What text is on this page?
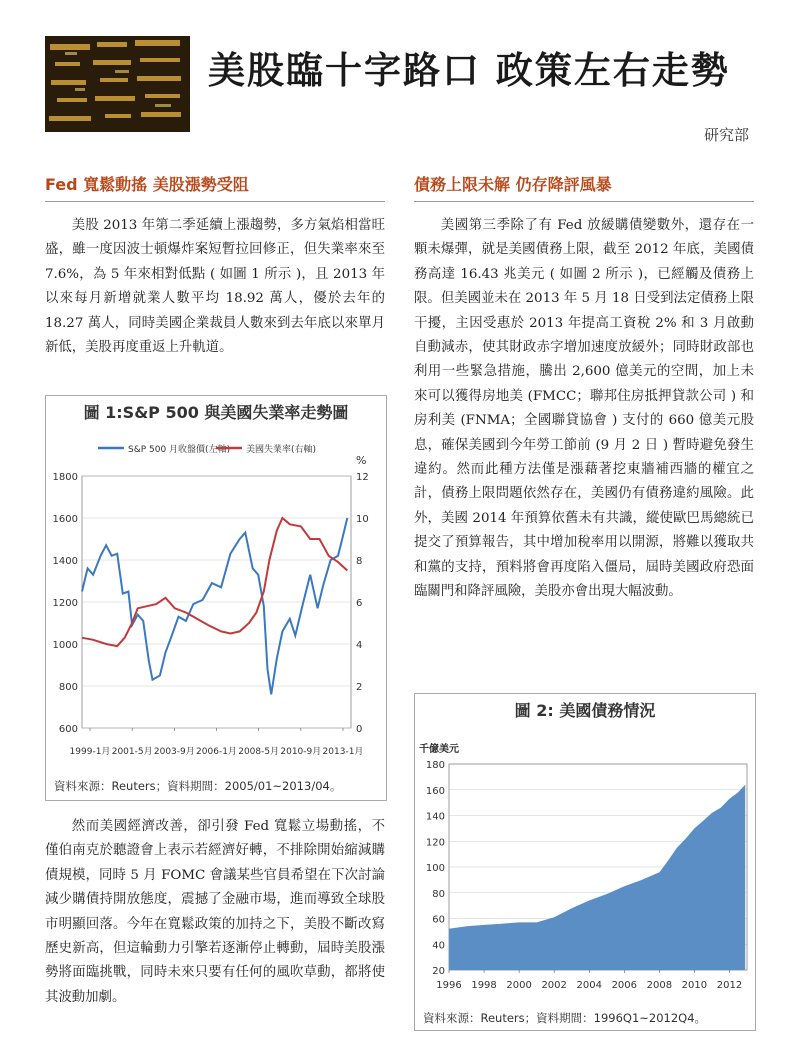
美股臨十字路口 政策左右走勢
研究部
Fed 寬鬆動搖 美股漲勢受阻

美股 2013 年第二季延續上漲趨勢，多方氣焰相當旺盛，雖一度因波士頓爆炸案短暫拉回修正，但失業率來至 7.6%，為 5 年來相對低點 ( 如圖 1 所示 )，且 2013 年以來每月新增就業人數平均 18.92 萬人，優於去年的 18.27 萬人，同時美國企業裁員人數來到去年底以來單月新低，美股再度重返上升軌道。

圖 1:S&P 500 與美國失業率走勢圖
600
800
1000
1200
1400
1600
1800
0
2
4
6
8
10
12
%
1999-1月 2001-5月 2003-9月 2006-1月 2008-5月 2010-9月 2013-1月
S&P 500 月收盤價(左軸) 美國失業率(右軸)
資料來源：Reuters；資料期間：2005/01~2013/04。

然而美國經濟改善，卻引發 Fed 寬鬆立場動搖，不僅伯南克於聽證會上表示若經濟好轉，不排除開始縮減購債規模，同時 5 月 FOMC 會議某些官員希望在下次討論減少購債持開放態度，震撼了金融市場，進而導致全球股市明顯回落。今年在寬鬆政策的加持之下，美股不斷改寫歷史新高，但這輪動力引擎若逐漸停止轉動，屆時美股漲勢將面臨挑戰，同時未來只要有任何的風吹草動，都將使其波動加劇。

債務上限未解 仍存降評風暴

美國第三季除了有 Fed 放緩購債變數外，還存在一顆未爆彈，就是美國債務上限，截至 2012 年底，美國債務高達 16.43 兆美元 ( 如圖 2 所示 )，已經觸及債務上限。但美國並未在 2013 年 5 月 18 日受到法定債務上限干擾，主因受惠於 2013 年提高工資稅 2% 和 3 月啟動自動減赤，使其財政赤字增加速度放緩外；同時財政部也利用一些緊急措施，騰出 2,600 億美元的空間，加上未來可以獲得房地美 (FMCC；聯邦住房抵押貸款公司 ) 和房利美 (FNMA；全國聯貸協會 ) 支付的 660 億美元股息，確保美國到今年勞工節前 (9 月 2 日 ) 暫時避免發生違約。然而此種方法僅是漲藉著挖東牆補西牆的權宜之計，債務上限問題依然存在，美國仍有債務違約風險。此外，美國 2014 年預算依舊未有共識，縱使歐巴馬總統已提交了預算報告，其中增加稅率用以開源，將難以獲取共和黨的支持，預料將會再度陷入僵局，屆時美國政府恐面臨關門和降評風險，美股亦會出現大幅波動。

圖 2: 美國債務情況
千億美元
20
40
60
80
100
120
140
160
180
1996 1998 2000 2002 2004 2006 2008 2010 2012
資料來源：Reuters；資料期間：1996Q1~2012Q4。
